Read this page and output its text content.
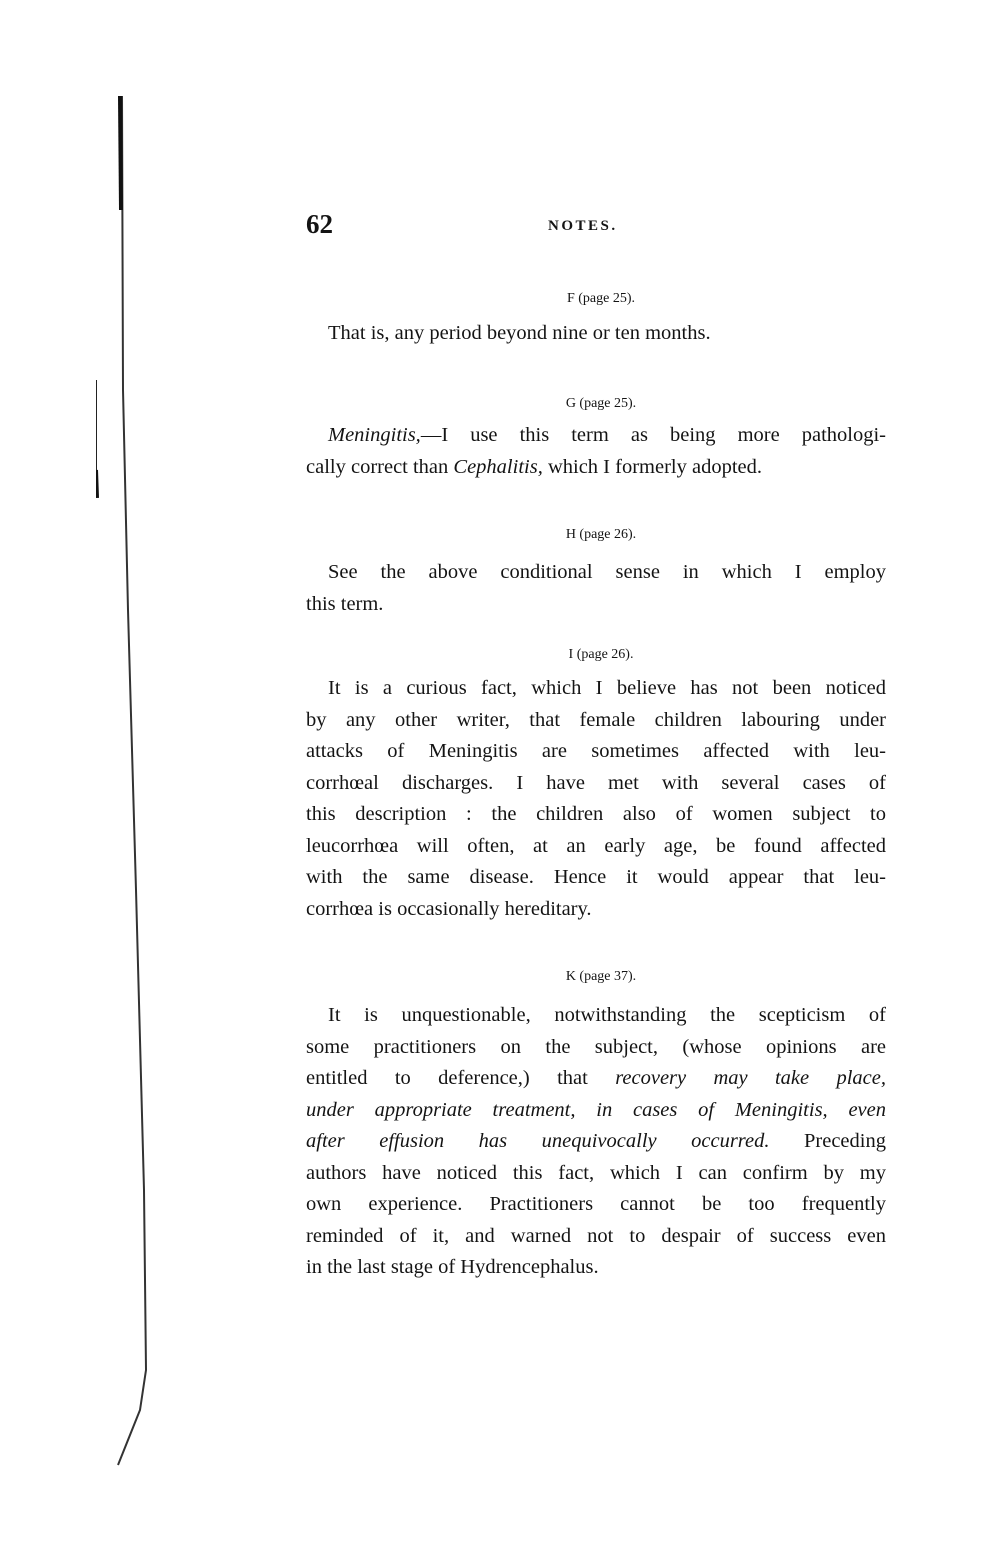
62	NOTES.
F (page 25).
That is, any period beyond nine or ten months.
G (page 25).
Meningitis,—I use this term as being more pathologi-
cally correct than Cephalitis, which I formerly adopted.
H (page 26).
See the above conditional sense in which I employ
this term.
I (page 26).
It is a curious fact, which I believe has not been noticed
by any other writer, that female children labouring under
attacks of Meningitis are sometimes affected with leu-
corrhœal discharges. I have met with several cases of
this description : the children also of women subject to
leucorrhœa will often, at an early age, be found affected
with the same disease. Hence it would appear that leu-
corrhœa is occasionally hereditary.
K (page 37).
It is unquestionable, notwithstanding the scepticism of
some practitioners on the subject, (whose opinions are
entitled to deference,) that recovery may take place,
under appropriate treatment, in cases of Meningitis, even
after effusion has unequivocally occurred. Preceding
authors have noticed this fact, which I can confirm by my
own experience. Practitioners cannot be too frequently
reminded of it, and warned not to despair of success even
in the last stage of Hydrencephalus.
